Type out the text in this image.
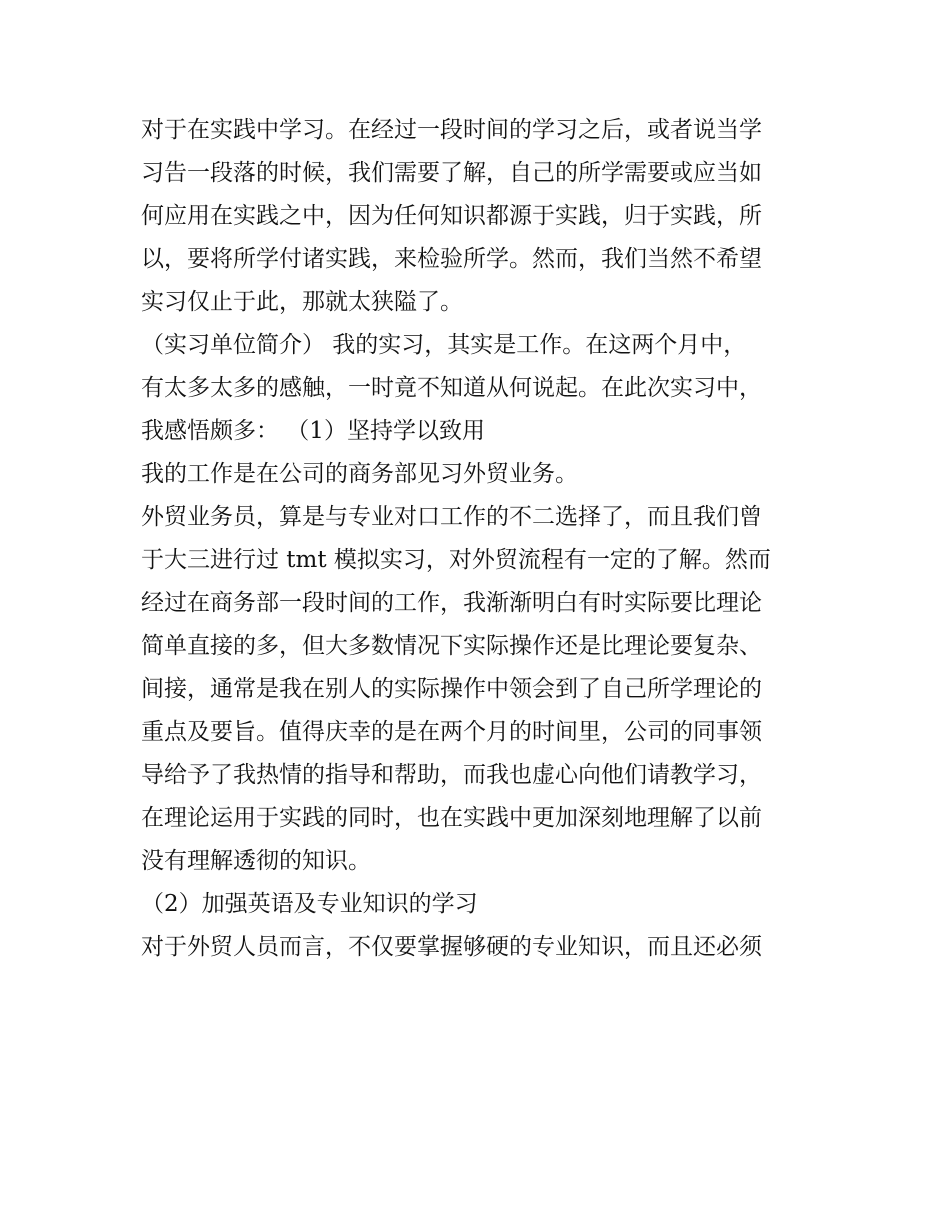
对于在实践中学习。在经过一段时间的学习之后，或者说当学
习告一段落的时候，我们需要了解，自己的所学需要或应当如
何应用在实践之中，因为任何知识都源于实践，归于实践，所
以，要将所学付诸实践，来检验所学。然而，我们当然不希望
实习仅止于此，那就太狭隘了。
（实习单位简介） 我的实习，其实是工作。在这两个月中，
有太多太多的感触，一时竟不知道从何说起。在此次实习中，
我感悟颇多： （1）坚持学以致用
我的工作是在公司的商务部见习外贸业务。
外贸业务员，算是与专业对口工作的不二选择了，而且我们曾
于大三进行过 tmt 模拟实习，对外贸流程有一定的了解。然而
经过在商务部一段时间的工作，我渐渐明白有时实际要比理论
简单直接的多，但大多数情况下实际操作还是比理论要复杂、
间接，通常是我在别人的实际操作中领会到了自己所学理论的
重点及要旨。值得庆幸的是在两个月的时间里，公司的同事领
导给予了我热情的指导和帮助，而我也虚心向他们请教学习，
在理论运用于实践的同时，也在实践中更加深刻地理解了以前
没有理解透彻的知识。
（2）加强英语及专业知识的学习
对于外贸人员而言，不仅要掌握够硬的专业知识，而且还必须
